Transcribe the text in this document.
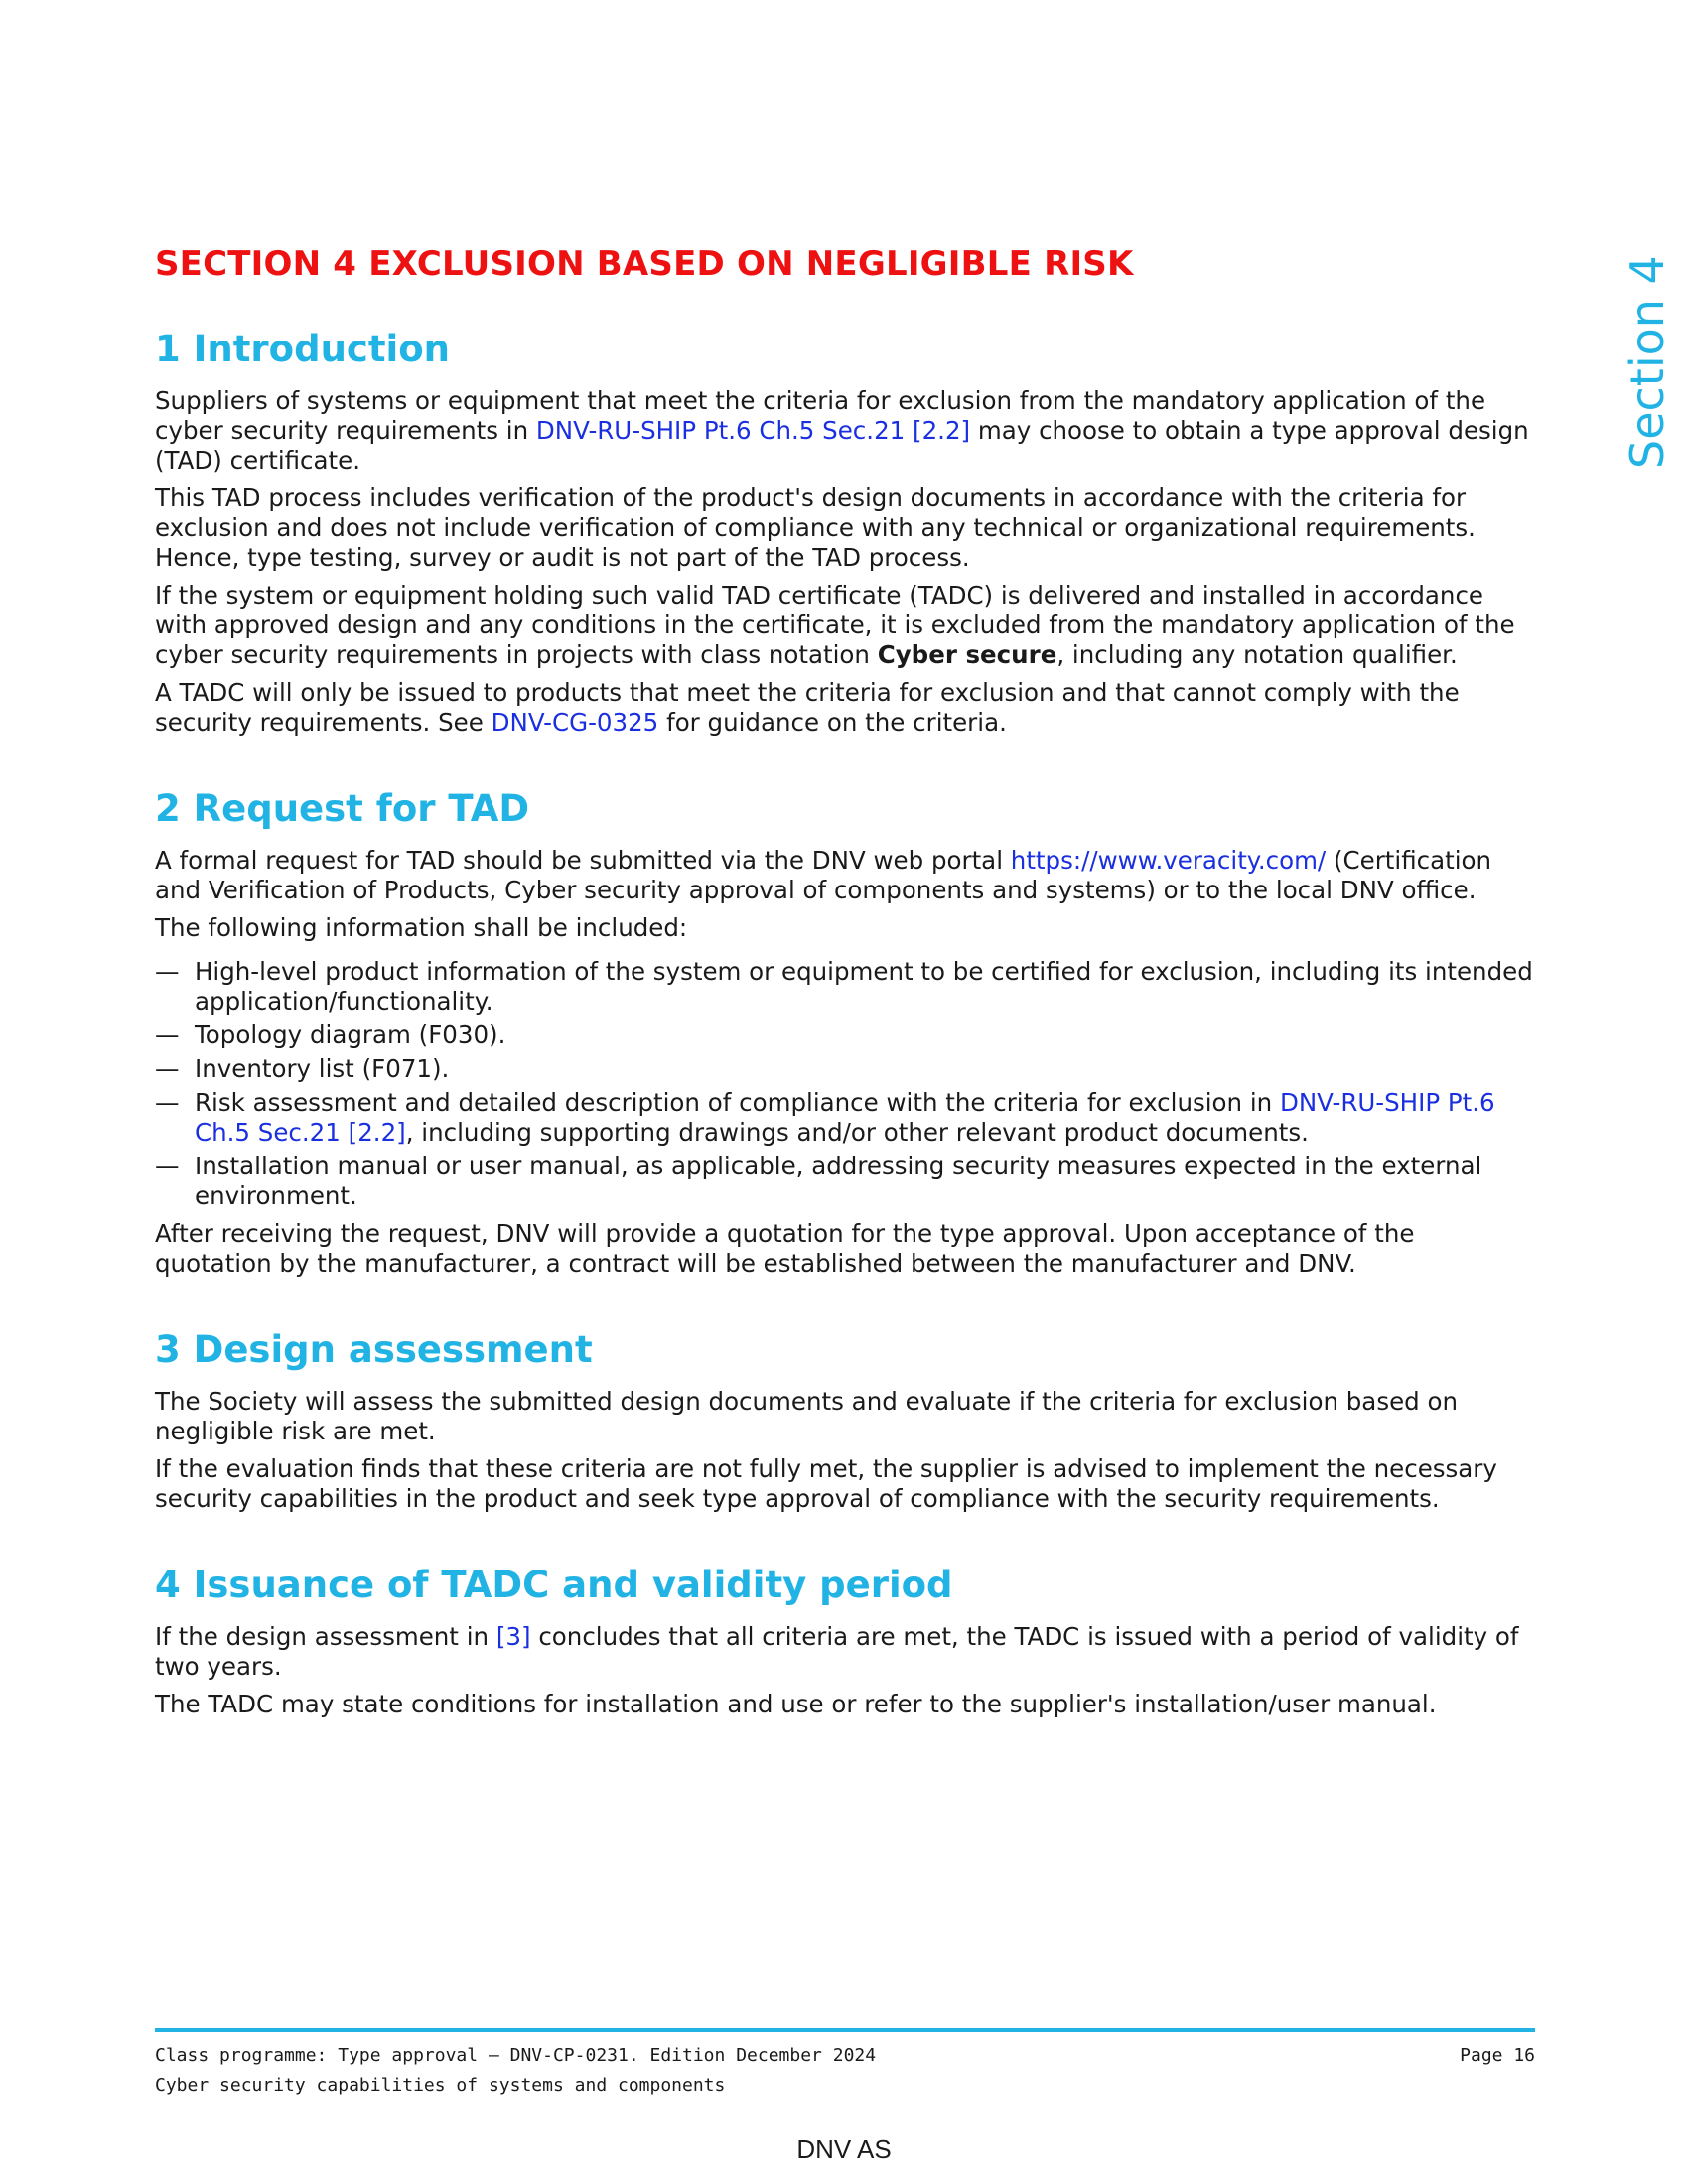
Section 4
SECTION 4 EXCLUSION BASED ON NEGLIGIBLE RISK
1 Introduction

Suppliers of systems or equipment that meet the criteria for exclusion from the mandatory application of the cyber security requirements in DNV-RU-SHIP Pt.6 Ch.5 Sec.21 [2.2] may choose to obtain a type approval design (TAD) certificate.

This TAD process includes verification of the product's design documents in accordance with the criteria for exclusion and does not include verification of compliance with any technical or organizational requirements. Hence, type testing, survey or audit is not part of the TAD process.

If the system or equipment holding such valid TAD certificate (TADC) is delivered and installed in accordance with approved design and any conditions in the certificate, it is excluded from the mandatory application of the cyber security requirements in projects with class notation Cyber secure, including any notation qualifier.

A TADC will only be issued to products that meet the criteria for exclusion and that cannot comply with the security requirements. See DNV-CG-0325 for guidance on the criteria.

2 Request for TAD

A formal request for TAD should be submitted via the DNV web portal https://www.veracity.com/ (Certification and Verification of Products, Cyber security approval of components and systems) or to the local DNV office.

The following information shall be included:

— High-level product information of the system or equipment to be certified for exclusion, including its intended application/functionality.
— Topology diagram (F030).
— Inventory list (F071).
— Risk assessment and detailed description of compliance with the criteria for exclusion in DNV-RU-SHIP Pt.6 Ch.5 Sec.21 [2.2], including supporting drawings and/or other relevant product documents.
— Installation manual or user manual, as applicable, addressing security measures expected in the external environment.

After receiving the request, DNV will provide a quotation for the type approval. Upon acceptance of the quotation by the manufacturer, a contract will be established between the manufacturer and DNV.

3 Design assessment

The Society will assess the submitted design documents and evaluate if the criteria for exclusion based on negligible risk are met.

If the evaluation finds that these criteria are not fully met, the supplier is advised to implement the necessary security capabilities in the product and seek type approval of compliance with the security requirements.

4 Issuance of TADC and validity period

If the design assessment in [3] concludes that all criteria are met, the TADC is issued with a period of validity of two years.

The TADC may state conditions for installation and use or refer to the supplier's installation/user manual.

Class programme: Type approval — DNV-CP-0231. Edition December 2024	Page 16
Cyber security capabilities of systems and components
DNV AS
